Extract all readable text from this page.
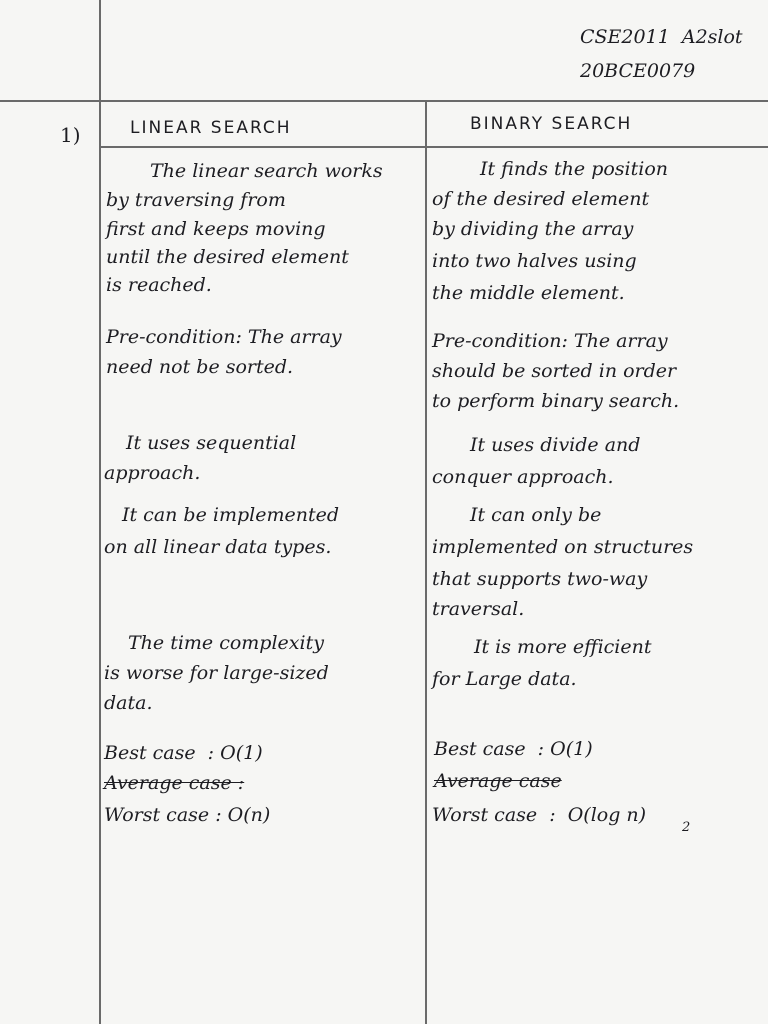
CSE2011  A2slot
20BCE0079
1)	LINEAR SEARCH	BINARY SEARCH
The linear search works
by traversing from
first and keeps moving
until the desired element
is reached.
Pre-condition: The array
need not be sorted.
It uses sequential
approach.
It can be implemented
on all linear data types.
The time complexity
is worse for large-sized
data.
Best case  : O(1)
Average case :
Worst case : O(n)
It finds the position
of the desired element
by dividing the array
into two halves using
the middle element.
Pre-condition: The array
should be sorted in order
to perform binary search.
It uses divide and
conquer approach.
It can only be
implemented on structures
that supports two-way
traversal.
It is more efficient
for Large data.
Best case  : O(1)
Average case
Worst case  :  O(log n)
2
